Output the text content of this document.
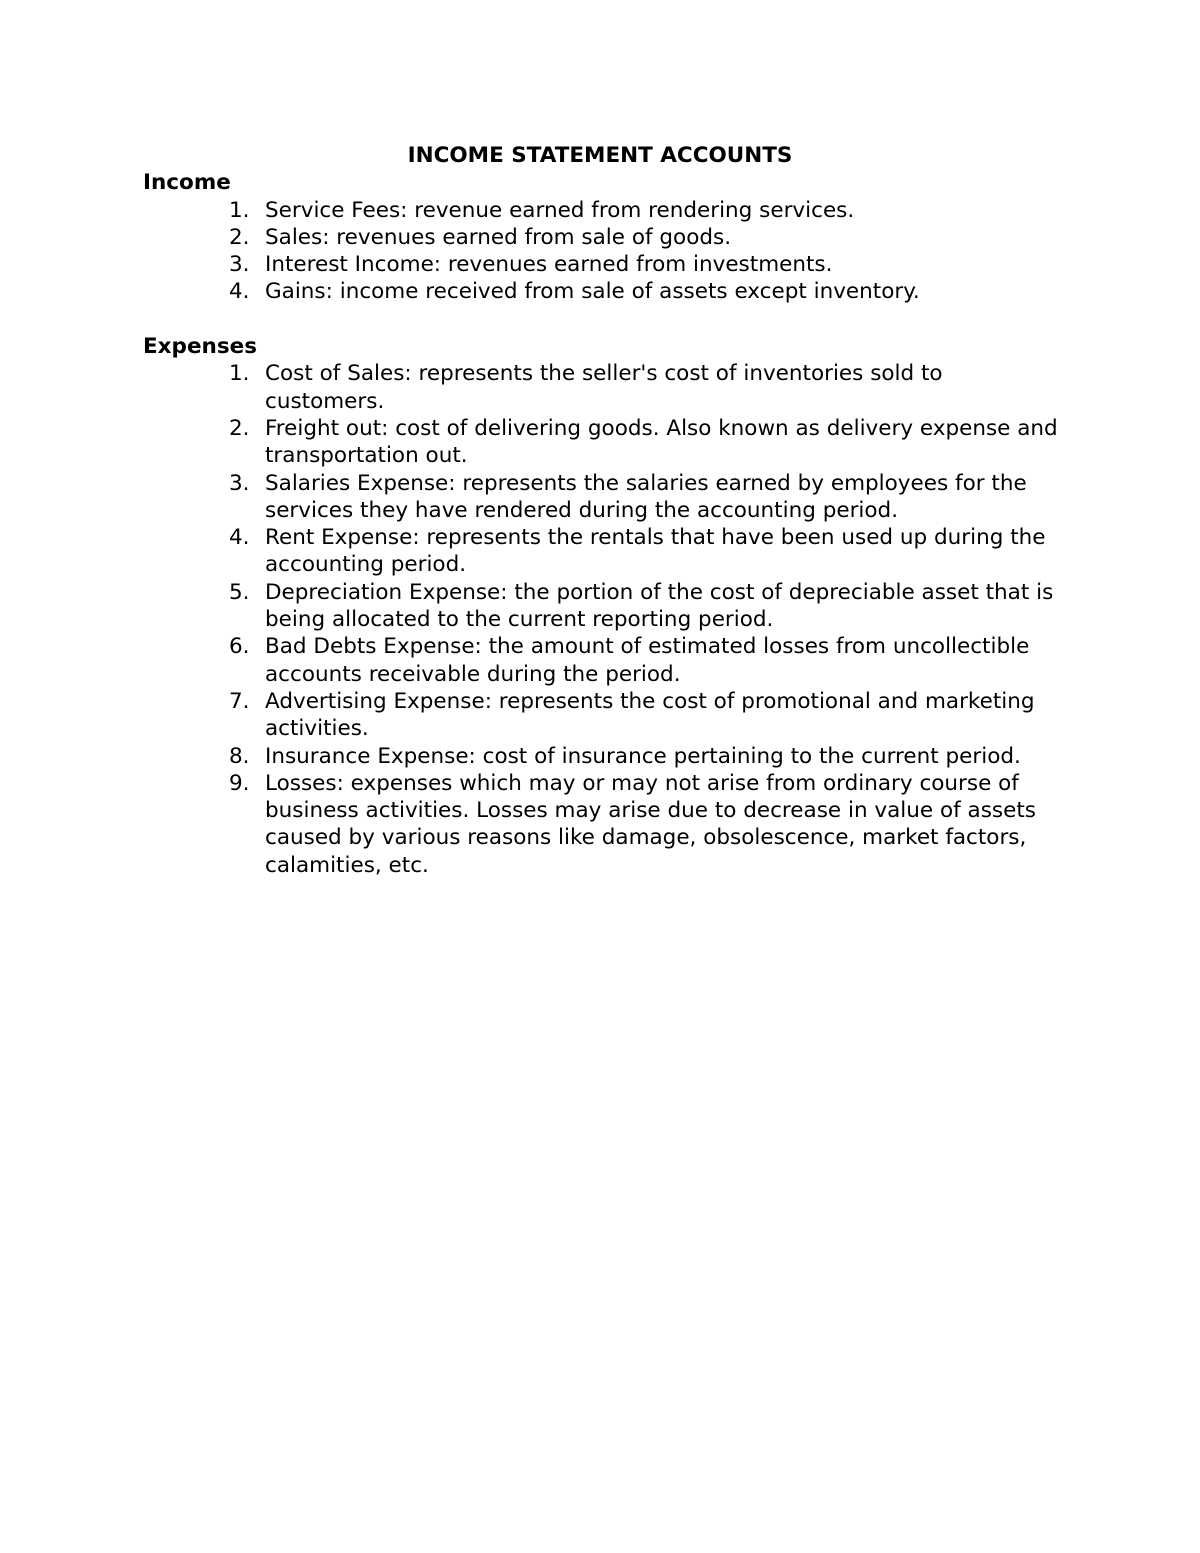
INCOME STATEMENT ACCOUNTS
Income
1. Service Fees: revenue earned from rendering services.
2. Sales: revenues earned from sale of goods.
3. Interest Income: revenues earned from investments.
4. Gains: income received from sale of assets except inventory.
Expenses
1. Cost of Sales: represents the seller's cost of inventories sold to customers.
2. Freight out: cost of delivering goods. Also known as delivery expense and transportation out.
3. Salaries Expense: represents the salaries earned by employees for the services they have rendered during the accounting period.
4. Rent Expense: represents the rentals that have been used up during the accounting period.
5. Depreciation Expense: the portion of the cost of depreciable asset that is being allocated to the current reporting period.
6. Bad Debts Expense: the amount of estimated losses from uncollectible accounts receivable during the period.
7. Advertising Expense: represents the cost of promotional and marketing activities.
8. Insurance Expense: cost of insurance pertaining to the current period.
9. Losses: expenses which may or may not arise from ordinary course of business activities. Losses may arise due to decrease in value of assets caused by various reasons like damage, obsolescence, market factors, calamities, etc.
